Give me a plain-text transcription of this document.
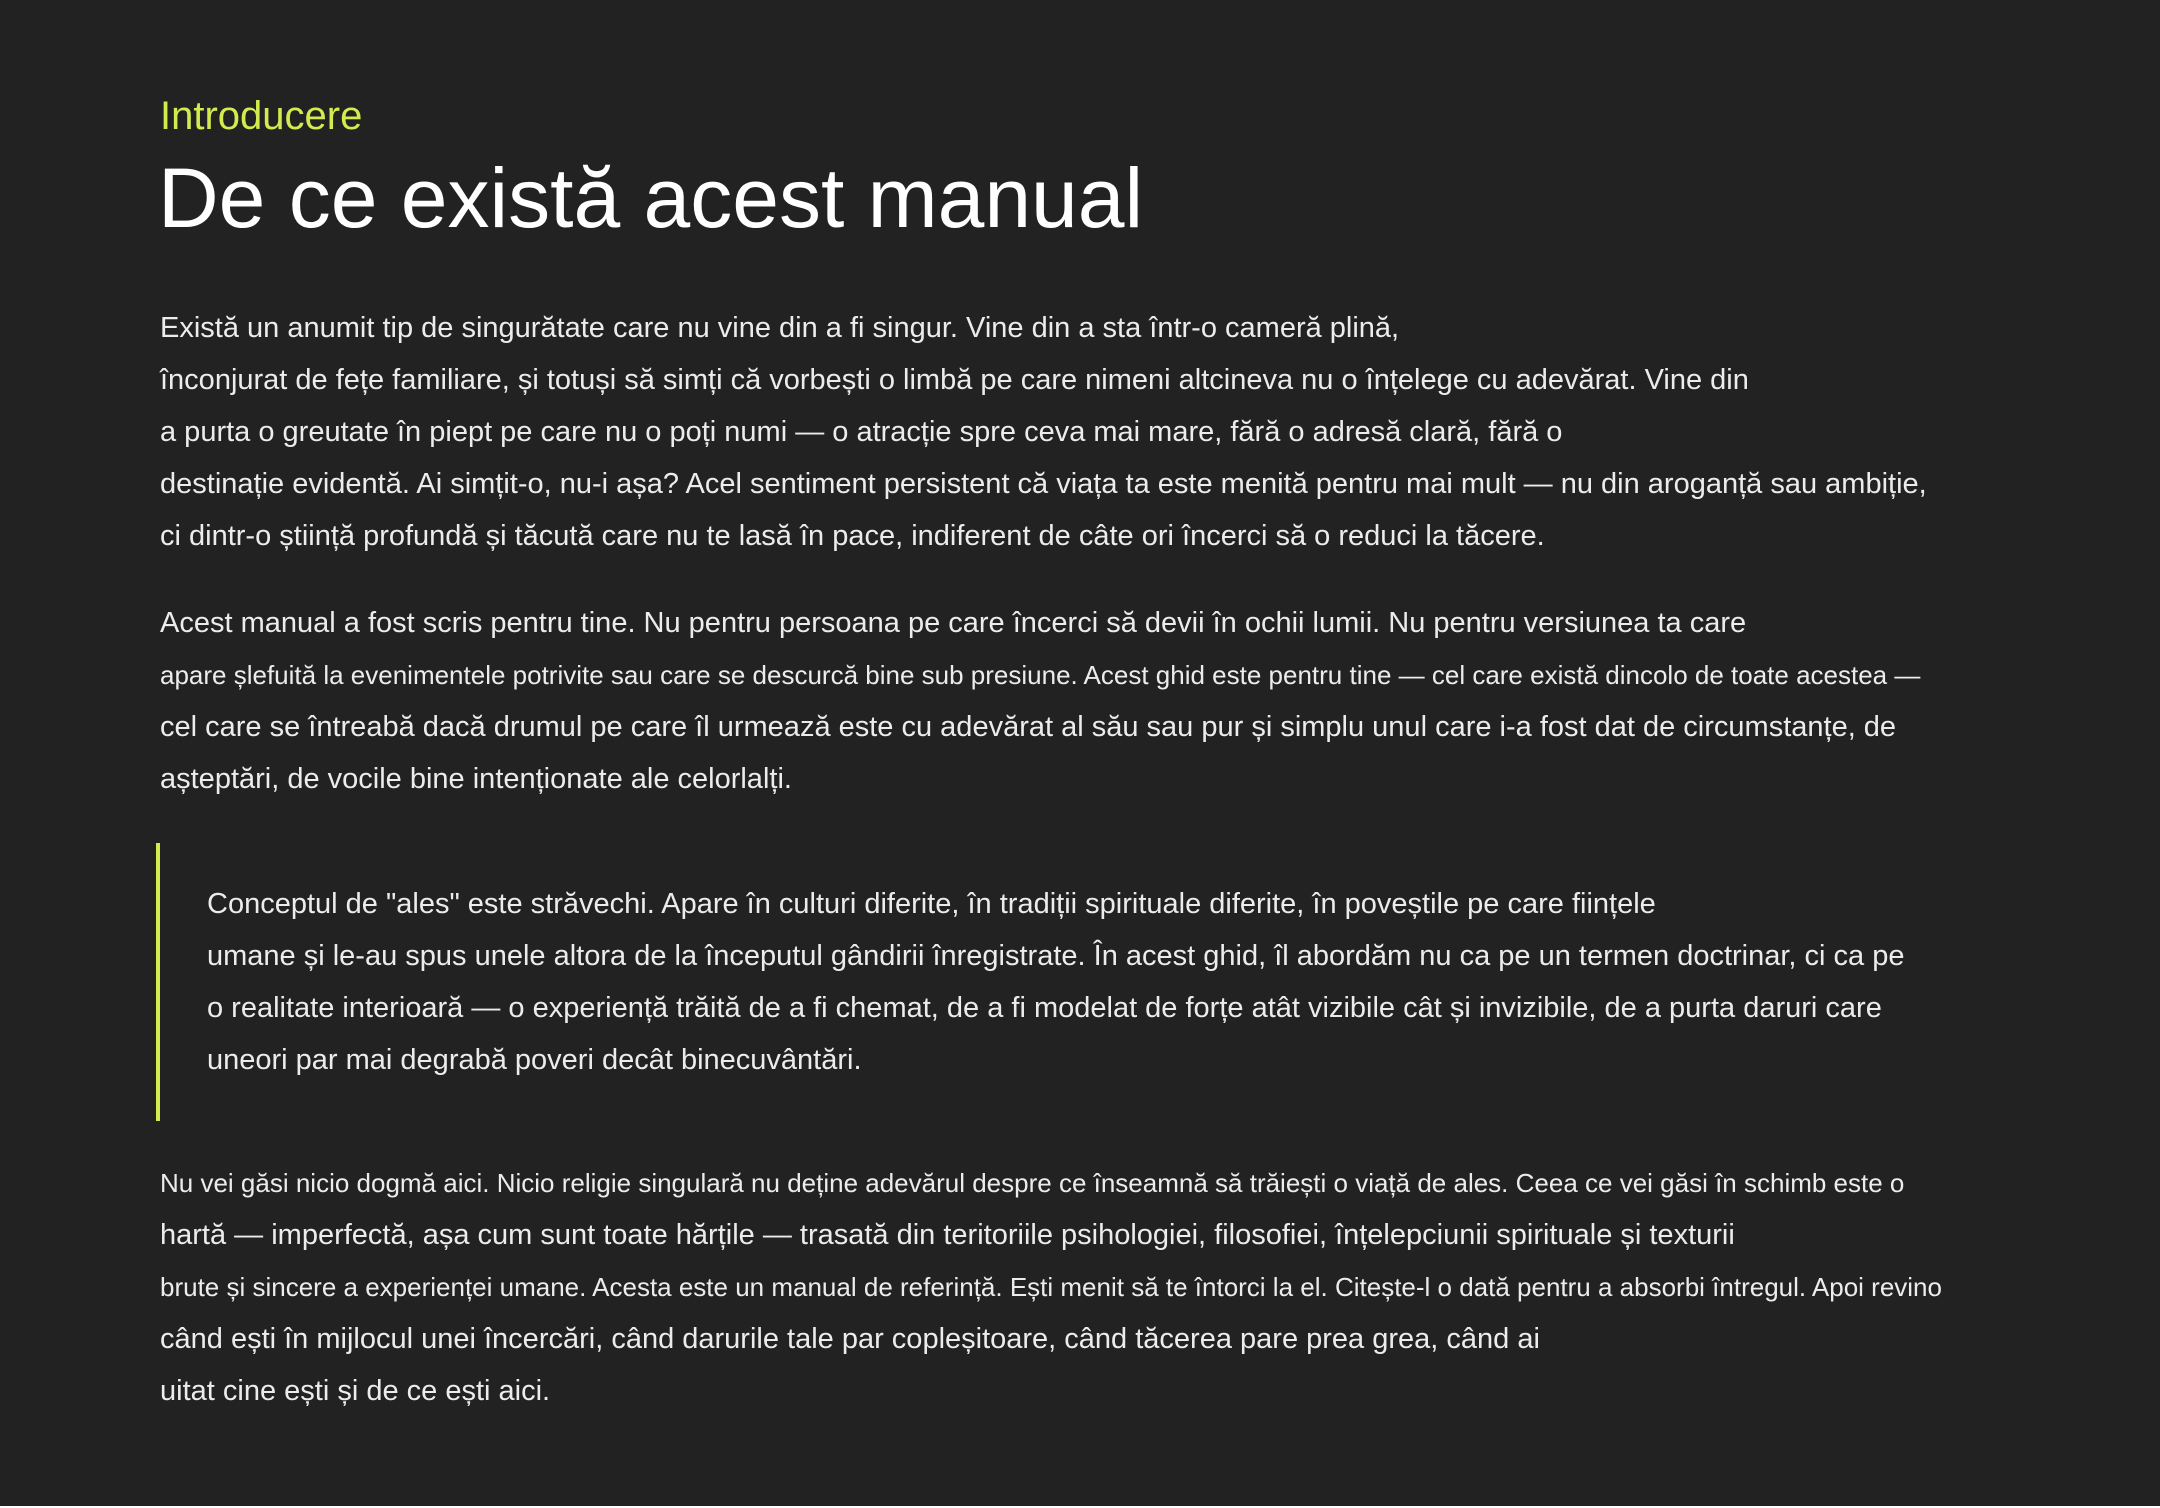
Introducere
De ce există acest manual

Există un anumit tip de singurătate care nu vine din a fi singur. Vine din a sta într-o cameră plină,
înconjurat de fețe familiare, și totuși să simți că vorbești o limbă pe care nimeni altcineva nu o înțelege cu adevărat. Vine din
a purta o greutate în piept pe care nu o poți numi — o atracție spre ceva mai mare, fără o adresă clară, fără o
destinație evidentă. Ai simțit-o, nu-i așa? Acel sentiment persistent că viața ta este menită pentru mai mult — nu din aroganță sau ambiție,
ci dintr-o știință profundă și tăcută care nu te lasă în pace, indiferent de câte ori încerci să o reduci la tăcere.

Acest manual a fost scris pentru tine. Nu pentru persoana pe care încerci să devii în ochii lumii. Nu pentru versiunea ta care
apare șlefuită la evenimentele potrivite sau care se descurcă bine sub presiune. Acest ghid este pentru tine — cel care există dincolo de toate acestea —
cel care se întreabă dacă drumul pe care îl urmează este cu adevărat al său sau pur și simplu unul care i-a fost dat de circumstanțe, de
așteptări, de vocile bine intenționate ale celorlalți.

Conceptul de "ales" este străvechi. Apare în culturi diferite, în tradiții spirituale diferite, în poveștile pe care ființele
umane și le-au spus unele altora de la începutul gândirii înregistrate. În acest ghid, îl abordăm nu ca pe un termen doctrinar, ci ca pe
o realitate interioară — o experiență trăită de a fi chemat, de a fi modelat de forțe atât vizibile cât și invizibile, de a purta daruri care
uneori par mai degrabă poveri decât binecuvântări.

Nu vei găsi nicio dogmă aici. Nicio religie singulară nu deține adevărul despre ce înseamnă să trăiești o viață de ales. Ceea ce vei găsi în schimb este o
hartă — imperfectă, așa cum sunt toate hărțile — trasată din teritoriile psihologiei, filosofiei, înțelepciunii spirituale și texturii
brute și sincere a experienței umane. Acesta este un manual de referință. Ești menit să te întorci la el. Citește-l o dată pentru a absorbi întregul. Apoi revino
când ești în mijlocul unei încercări, când darurile tale par copleșitoare, când tăcerea pare prea grea, când ai
uitat cine ești și de ce ești aici.
